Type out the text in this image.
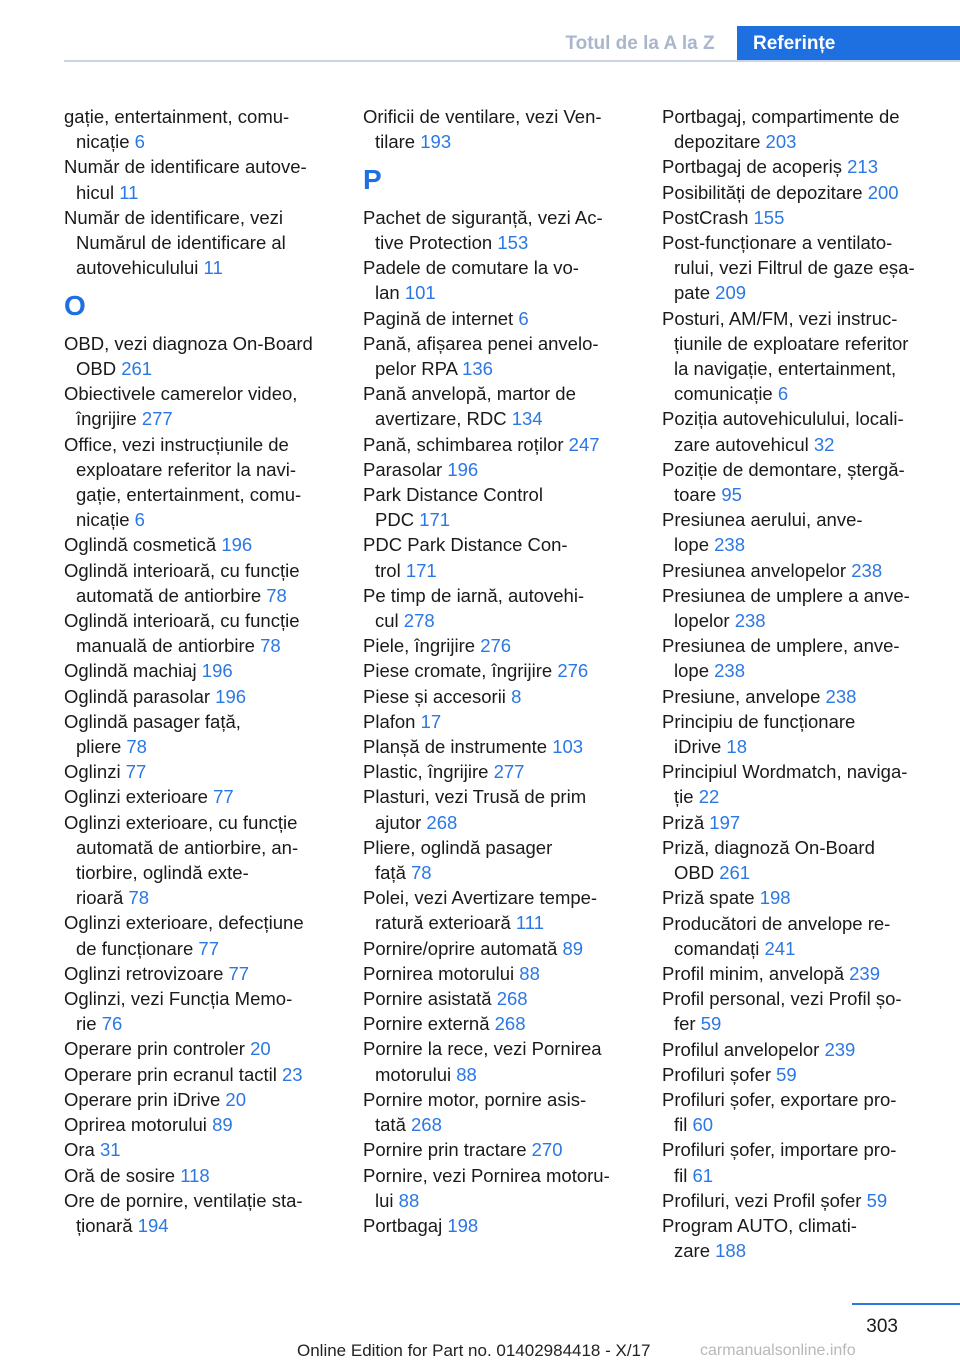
Totul de la A la Z	Referințe
gație, entertainment, comu-
nicație 6
Număr de identificare autove-
hicul 11
Număr de identificare, vezi
Numărul de identificare al
autovehiculului 11
O
OBD, vezi diagnoza On-Board
OBD 261
Obiectivele camerelor video,
îngrijire 277
Office, vezi instrucțiunile de
exploatare referitor la navi-
gație, entertainment, comu-
nicație 6
Oglindă cosmetică 196
Oglindă interioară, cu funcție
automată de antiorbire 78
Oglindă interioară, cu funcție
manuală de antiorbire 78
Oglindă machiaj 196
Oglindă parasolar 196
Oglindă pasager față,
pliere 78
Oglinzi 77
Oglinzi exterioare 77
Oglinzi exterioare, cu funcție
automată de antiorbire, an-
tiorbire, oglindă exte-
rioară 78
Oglinzi exterioare, defecțiune
de funcționare 77
Oglinzi retrovizoare 77
Oglinzi, vezi Funcția Memo-
rie 76
Operare prin controler 20
Operare prin ecranul tactil 23
Operare prin iDrive 20
Oprirea motorului 89
Ora 31
Oră de sosire 118
Ore de pornire, ventilație sta-
ționară 194
Orificii de ventilare, vezi Ven-
tilare 193
P
Pachet de siguranță, vezi Ac-
tive Protection 153
Padele de comutare la vo-
lan 101
Pagină de internet 6
Pană, afișarea penei anvelo-
pelor RPA 136
Pană anvelopă, martor de
avertizare, RDC 134
Pană, schimbarea roților 247
Parasolar 196
Park Distance Control
PDC 171
PDC Park Distance Con-
trol 171
Pe timp de iarnă, autovehi-
cul 278
Piele, îngrijire 276
Piese cromate, îngrijire 276
Piese și accesorii 8
Plafon 17
Planșă de instrumente 103
Plastic, îngrijire 277
Plasturi, vezi Trusă de prim
ajutor 268
Pliere, oglindă pasager
față 78
Polei, vezi Avertizare tempe-
ratură exterioară 111
Pornire/oprire automată 89
Pornirea motorului 88
Pornire asistată 268
Pornire externă 268
Pornire la rece, vezi Pornirea
motorului 88
Pornire motor, pornire asis-
tată 268
Pornire prin tractare 270
Pornire, vezi Pornirea motoru-
lui 88
Portbagaj 198
Portbagaj, compartimente de
depozitare 203
Portbagaj de acoperiș 213
Posibilități de depozitare 200
PostCrash 155
Post-funcționare a ventilato-
rului, vezi Filtrul de gaze eșa-
pate 209
Posturi, AM/FM, vezi instruc-
țiunile de exploatare referitor
la navigație, entertainment,
comunicație 6
Poziția autovehiculului, locali-
zare autovehicul 32
Poziție de demontare, ștergă-
toare 95
Presiunea aerului, anve-
lope 238
Presiunea anvelopelor 238
Presiunea de umplere a anve-
lopelor 238
Presiunea de umplere, anve-
lope 238
Presiune, anvelope 238
Principiu de funcționare
iDrive 18
Principiul Wordmatch, naviga-
ție 22
Priză 197
Priză, diagnoză On-Board
OBD 261
Priză spate 198
Producători de anvelope re-
comandați 241
Profil minim, anvelopă 239
Profil personal, vezi Profil șo-
fer 59
Profilul anvelopelor 239
Profiluri șofer 59
Profiluri șofer, exportare pro-
fil 60
Profiluri șofer, importare pro-
fil 61
Profiluri, vezi Profil șofer 59
Program AUTO, climati-
zare 188
303
Online Edition for Part no. 01402984418 - X/17	carmanualsonline.info
